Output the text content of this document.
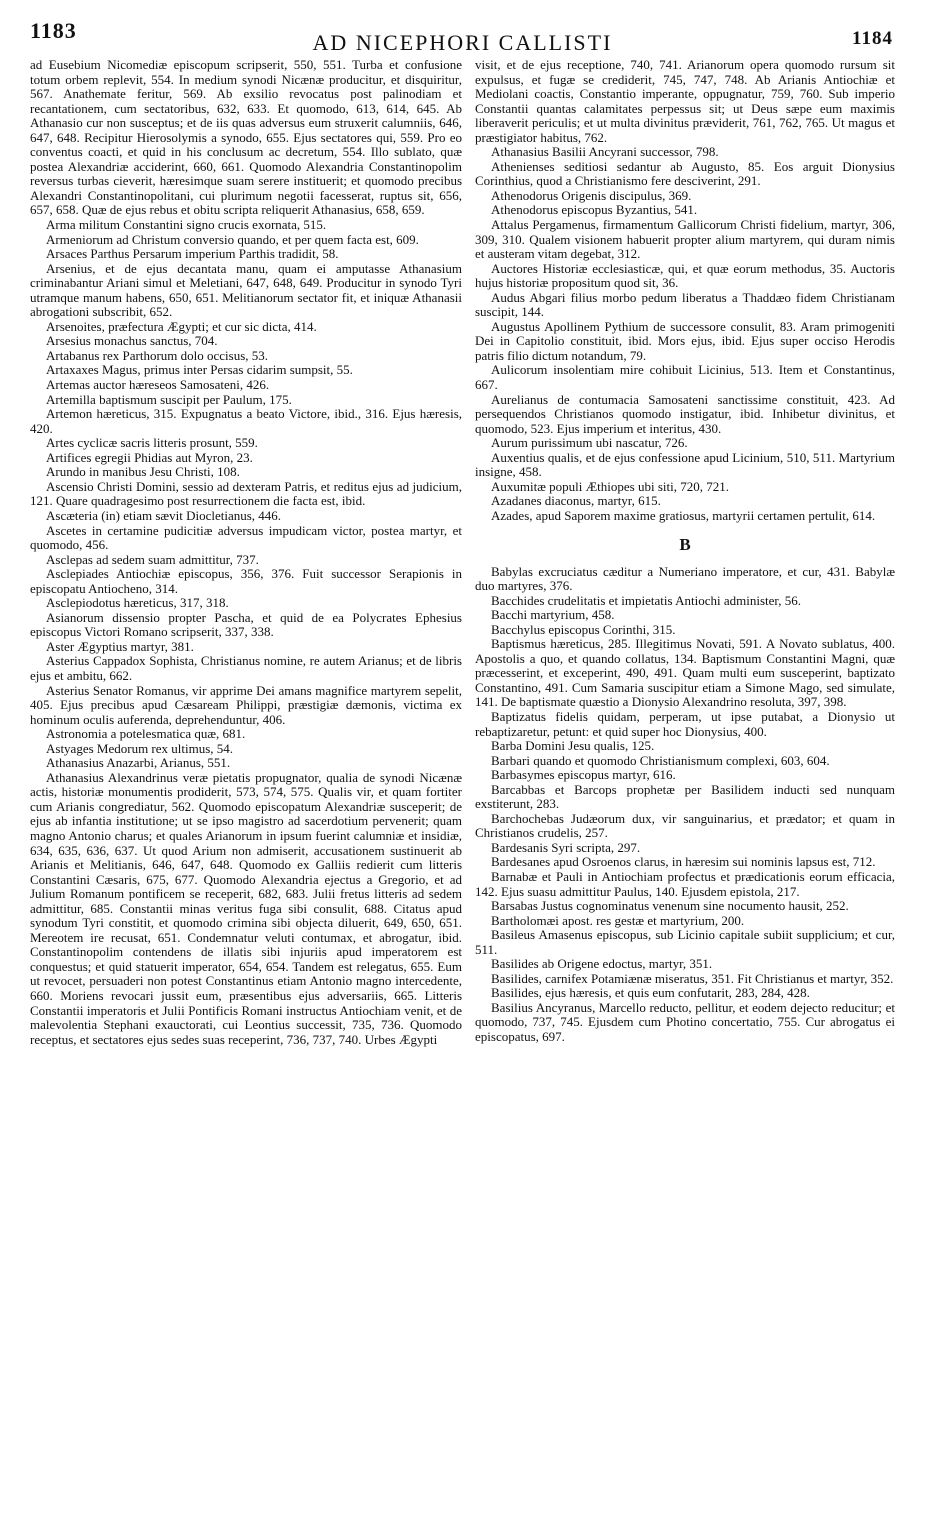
1183	AD NICEPHORI CALLISTI	1184

ad Eusebium Nicomediæ episcopum scripserit, 550, 551. Turba et confusione totum orbem replevit, 554. In medium synodi Nicænæ producitur, et disquiritur, 567. Anathemate feritur, 569. Ab exsilio revocatus post palinodiam et recantationem, cum sectatoribus, 632, 633. Et quomodo, 613, 614, 645. Ab Athanasio cur non susceptus; et de iis quas adversus eum struxerit calumniis, 646, 647, 648. Recipitur Hierosolymis a synodo, 655. Ejus sectatores qui, 559. Pro eo conventus coacti, et quid in his conclusum ac decretum, 554. Illo sublato, quæ postea Alexandriæ acciderint, 660, 661. Quomodo Alexandria Constantinopolim reversus turbas cieverit, hæresimque suam serere instituerit; et quomodo precibus Alexandri Constantinopolitani, cui plurimum negotii facesserat, ruptus sit, 656, 657, 658. Quæ de ejus rebus et obitu scripta reliquerit Athanasius, 658, 659.

Arma militum Constantini signo crucis exornata, 515.

Armeniorum ad Christum conversio quando, et per quem facta est, 609.

Arsaces Parthus Persarum imperium Parthis tradidit, 58.

Arsenius, et de ejus decantata manu, quam ei amputasse Athanasium criminabantur Ariani simul et Meletiani, 647, 648, 649. Producitur in synodo Tyri utramque manum habens, 650, 651. Melitianorum sectator fit, et iniquæ Athanasii abrogationi subscribit, 652.

Arsenoites, præfectura Ægypti; et cur sic dicta, 414.

Arsesius monachus sanctus, 704.

Artabanus rex Parthorum dolo occisus, 53.

Artaxaxes Magus, primus inter Persas cidarim sumpsit, 55.

Artemas auctor hæreseos Samosateni, 426.

Artemilla baptismum suscipit per Paulum, 175.

Artemon hæreticus, 315. Expugnatus a beato Victore, ibid., 316. Ejus hæresis, 420.

Artes cyclicæ sacris litteris prosunt, 559.

Artifices egregii Phidias aut Myron, 23.

Arundo in manibus Jesu Christi, 108.

Ascensio Christi Domini, sessio ad dexteram Patris, et reditus ejus ad judicium, 121. Quare quadragesimo post resurrectionem die facta est, ibid.

Ascæteria (in) etiam sævit Diocletianus, 446.

Ascetes in certamine pudicitiæ adversus impudicam victor, postea martyr, et quomodo, 456.

Asclepas ad sedem suam admittitur, 737.

Asclepiades Antiochiæ episcopus, 356, 376. Fuit successor Serapionis in episcopatu Antiocheno, 314.

Asclepiodotus hæreticus, 317, 318.

Asianorum dissensio propter Pascha, et quid de ea Polycrates Ephesius episcopus Victori Romano scripserit, 337, 338.

Aster Ægyptius martyr, 381.

Asterius Cappadox Sophista, Christianus nomine, re autem Arianus; et de libris ejus et ambitu, 662.

Asterius Senator Romanus, vir apprime Dei amans magnifice martyrem sepelit, 405. Ejus precibus apud Cæsaream Philippi, præstigiæ dæmonis, victima ex hominum oculis auferenda, deprehenduntur, 406.

Astronomia a potelesmatica quæ, 681.

Astyages Medorum rex ultimus, 54.

Athanasius Anazarbi, Arianus, 551.

Athanasius Alexandrinus veræ pietatis propugnator, qualia de synodi Nicænæ actis, historiæ monumentis prodiderit, 573, 574, 575. Qualis vir, et quam fortiter cum Arianis congrediatur, 562. Quomodo episcopatum Alexandriæ susceperit; de ejus ab infantia institutione; ut se ipso magistro ad sacerdotium pervenerit; quam magno Antonio charus; et quales Arianorum in ipsum fuerint calumniæ et insidiæ, 634, 635, 636, 637. Ut quod Arium non admiserit, accusationem sustinuerit ab Arianis et Melitianis, 646, 647, 648. Quomodo ex Galliis redierit cum litteris Constantini Cæsaris, 675, 677. Quomodo Alexandria ejectus a Gregorio, et ad Julium Romanum pontificem se receperit, 682, 683. Julii fretus litteris ad sedem admittitur, 685. Constantii minas veritus fuga sibi consulit, 688. Citatus apud synodum Tyri constitit, et quomodo crimina sibi objecta diluerit, 649, 650, 651. Mereotem ire recusat, 651. Condemnatur veluti contumax, et abrogatur, ibid. Constantinopolim contendens de illatis sibi injuriis apud imperatorem est conquestus; et quid statuerit imperator, 654, 654. Tandem est relegatus, 655. Eum ut revocet, persuaderi non potest Constantinus etiam Antonio magno intercedente, 660. Moriens revocari jussit eum, præsentibus ejus adversariis, 665. Litteris Constantii imperatoris et Julii Pontificis Romani instructus Antiochiam venit, et de malevolentia Stephani exauctorati, cui Leontius successit, 735, 736. Quomodo receptus, et sectatores ejus sedes suas receperint, 736, 737, 740. Urbes Ægypti

visit, et de ejus receptione, 740, 741. Arianorum opera quomodo rursum sit expulsus, et fugæ se crediderit, 745, 747, 748. Ab Arianis Antiochiæ et Mediolani coactis, Constantio imperante, oppugnatur, 759, 760. Sub imperio Constantii quantas calamitates perpessus sit; ut Deus sæpe eum maximis liberaverit periculis; et ut multa divinitus præviderit, 761, 762, 765. Ut magus et præstigiator habitus, 762.

Athanasius Basilii Ancyrani successor, 798.

Athenienses seditiosi sedantur ab Augusto, 85. Eos arguit Dionysius Corinthius, quod a Christianismo fere desciverint, 291.

Athenodorus Origenis discipulus, 369.

Athenodorus episcopus Byzantius, 541.

Attalus Pergamenus, firmamentum Gallicorum Christi fidelium, martyr, 306, 309, 310. Qualem visionem habuerit propter alium martyrem, qui duram nimis et austeram vitam degebat, 312.

Auctores Historiæ ecclesiasticæ, qui, et quæ eorum methodus, 35. Auctoris hujus historiæ propositum quod sit, 36.

Audus Abgari filius morbo pedum liberatus a Thaddæo fidem Christianam suscipit, 144.

Augustus Apollinem Pythium de successore consulit, 83. Aram primogeniti Dei in Capitolio constituit, ibid. Mors ejus, ibid. Ejus super occiso Herodis patris filio dictum notandum, 79.

Aulicorum insolentiam mire cohibuit Licinius, 513. Item et Constantinus, 667.

Aurelianus de contumacia Samosateni sanctissime constituit, 423. Ad persequendos Christianos quomodo instigatur, ibid. Inhibetur divinitus, et quomodo, 523. Ejus imperium et interitus, 430.

Aurum purissimum ubi nascatur, 726.

Auxentius qualis, et de ejus confessione apud Licinium, 510, 511. Martyrium insigne, 458.

Auxumitæ populi Æthiopes ubi siti, 720, 721.

Azadanes diaconus, martyr, 615.

Azades, apud Saporem maxime gratiosus, martyrii certamen pertulit, 614.

B

Babylas excruciatus cæditur a Numeriano imperatore, et cur, 431. Babylæ duo martyres, 376.

Bacchides crudelitatis et impietatis Antiochi administer, 56.

Bacchi martyrium, 458.

Bacchylus episcopus Corinthi, 315.

Baptismus hæreticus, 285. Illegitimus Novati, 591. A Novato sublatus, 400. Apostolis a quo, et quando collatus, 134. Baptismum Constantini Magni, quæ præcesserint, et exceperint, 490, 491. Quam multi eum susceperint, baptizato Constantino, 491. Cum Samaria suscipitur etiam a Simone Mago, sed simulate, 141. De baptismate quæstio a Dionysio Alexandrino resoluta, 397, 398.

Baptizatus fidelis quidam, perperam, ut ipse putabat, a Dionysio ut rebaptizaretur, petunt: et quid super hoc Dionysius, 400.

Barba Domini Jesu qualis, 125.

Barbari quando et quomodo Christianismum complexi, 603, 604.

Barbasymes episcopus martyr, 616.

Barcabbas et Barcops prophetæ per Basilidem inducti sed nunquam exstiterunt, 283.

Barchochebas Judæorum dux, vir sanguinarius, et prædator; et quam in Christianos crudelis, 257.

Bardesanis Syri scripta, 297.

Bardesanes apud Osroenos clarus, in hæresim sui nominis lapsus est, 712.

Barnabæ et Pauli in Antiochiam profectus et prædicationis eorum efficacia, 142. Ejus suasu admittitur Paulus, 140. Ejusdem epistola, 217.

Barsabas Justus cognominatus venenum sine nocumento hausit, 252.

Bartholomæi apost. res gestæ et martyrium, 200.

Basileus Amasenus episcopus, sub Licinio capitale subiit supplicium; et cur, 511.

Basilides ab Origene edoctus, martyr, 351.

Basilides, carnifex Potamiænæ miseratus, 351. Fit Christianus et martyr, 352.

Basilides, ejus hæresis, et quis eum confutarit, 283, 284, 428.

Basilius Ancyranus, Marcello reducto, pellitur, et eodem dejecto reducitur; et quomodo, 737, 745. Ejusdem cum Photino concertatio, 755. Cur abrogatus ei episcopatus, 697.
